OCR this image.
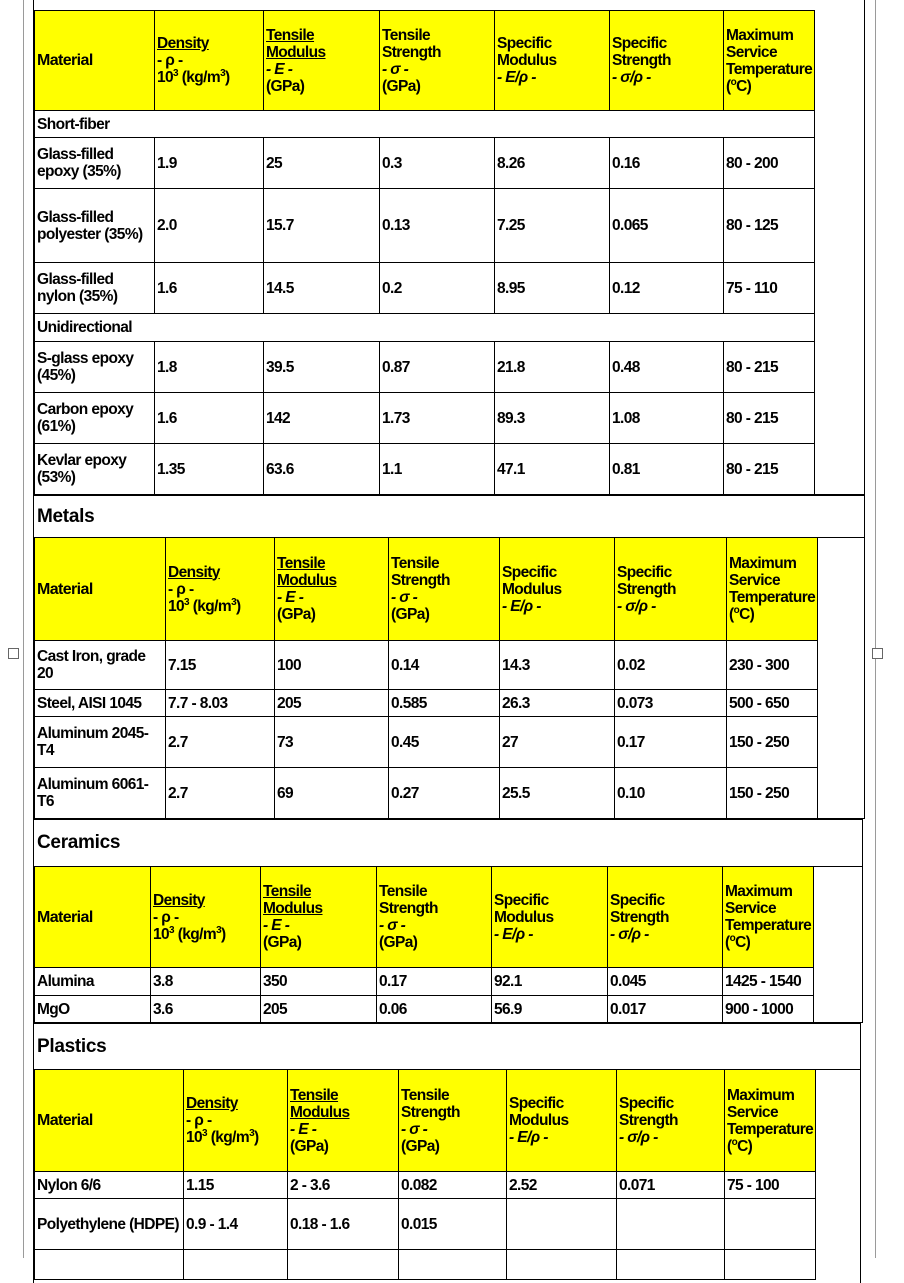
Material	Density
- ρ -
$10^3$ $(kg/m^3)$	Tensile
Modulus
- E -
(GPa)	Tensile
Strength
- σ -
(GPa)	Specific
Modulus
- E/ρ -	Specific
Strength
- σ/ρ -	Maximum
Service
Temperature
($^o$C)
Short-fiber						
Glass-filled epoxy (35%)	1.9	25	0.3	8.26	0.16	80 - 200
Glass-filled polyester (35%)	2.0	15.7	0.13	7.25	0.065	80 - 125
Glass-filled nylon (35%)	1.6	14.5	0.2	8.95	0.12	75 - 110
Unidirectional						
S-glass epoxy (45%)	1.8	39.5	0.87	21.8	0.48	80 - 215
Carbon epoxy (61%)	1.6	142	1.73	89.3	1.08	80 - 215
Kevlar epoxy (53%)	1.35	63.6	1.1	47.1	0.81	80 - 215
Metals
Material	Density
- ρ -
$10^3$ $(kg/m^3)$	Tensile
Modulus
- E -
(GPa)	Tensile
Strength
- σ -
(GPa)	Specific
Modulus
- E/ρ -	Specific
Strength
- σ/ρ -	Maximum
Service
Temperature
($^o$C)
Cast Iron, grade 20	7.15	100	0.14	14.3	0.02	230 - 300
Steel, AISI 1045	7.7 - 8.03	205	0.585	26.3	0.073	500 - 650
Aluminum 2045-T4	2.7	73	0.45	27	0.17	150 - 250
Aluminum 6061-T6	2.7	69	0.27	25.5	0.10	150 - 250
Ceramics
Material	Density
- ρ -
$10^3$ $(kg/m^3)$	Tensile
Modulus
- E -
(GPa)	Tensile
Strength
- σ -
(GPa)	Specific
Modulus
- E/ρ -	Specific
Strength
- σ/ρ -	Maximum
Service
Temperature
($^o$C)
Alumina	3.8	350	0.17	92.1	0.045	1425 - 1540
MgO	3.6	205	0.06	56.9	0.017	900 - 1000
Plastics
Material	Density
- ρ -
$10^3$ $(kg/m^3)$	Tensile
Modulus
- E -
(GPa)	Tensile
Strength
- σ -
(GPa)	Specific
Modulus
- E/ρ -	Specific
Strength
- σ/ρ -	Maximum
Service
Temperature
($^o$C)
Nylon 6/6	1.15	2 - 3.6	0.082	2.52	0.071	75 - 100
Polyethylene (HDPE)	0.9 - 1.4	0.18 - 1.6	0.015			
